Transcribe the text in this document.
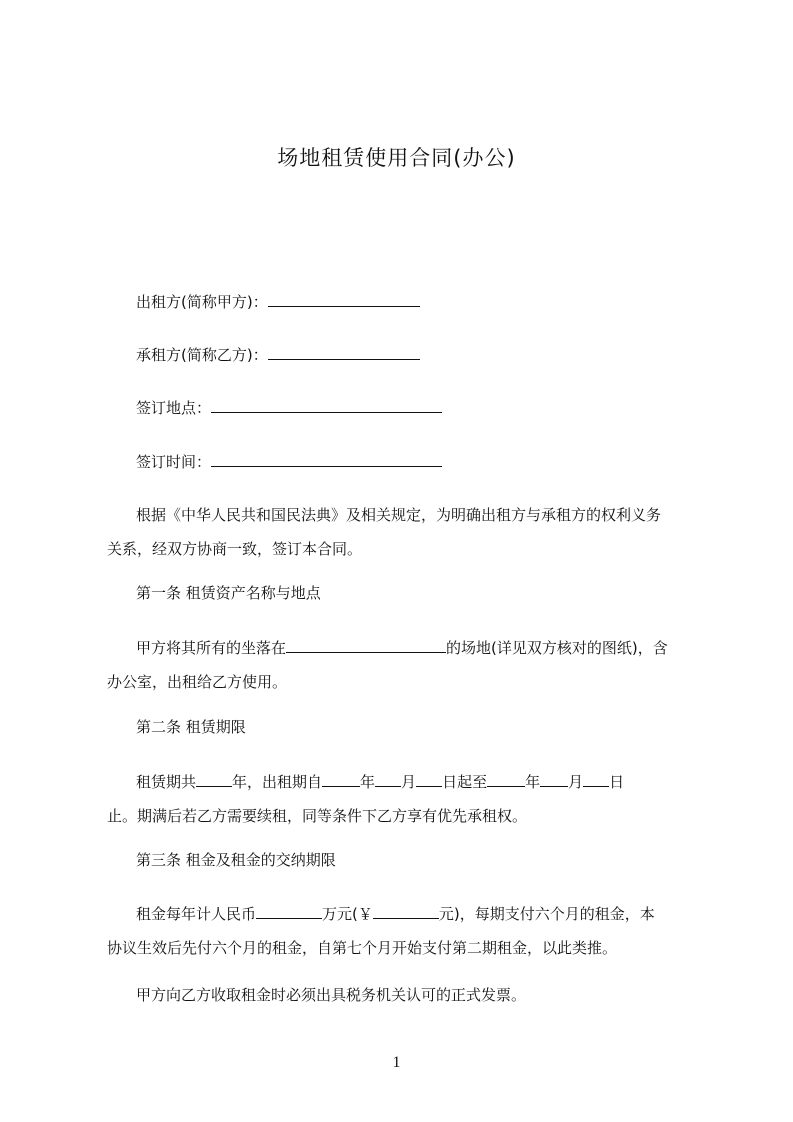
场地租赁使用合同(办公)
出租方(简称甲方)：
承租方(简称乙方)：
签订地点：
签订时间：
根据《中华人民共和国民法典》及相关规定，为明确出租方与承租方的权利义务
关系，经双方协商一致，签订本合同。
第一条 租赁资产名称与地点
甲方将其所有的坐落在	的场地(详见双方核对的图纸)，含
办公室，出租给乙方使用。
第二条 租赁期限
租赁期共 年，出租期自	年 月 日起至	年 月 日
止。期满后若乙方需要续租，同等条件下乙方享有优先承租权。
第三条 租金及租金的交纳期限
租金每年计人民币	万元(￥	元)，每期支付六个月的租金，本
协议生效后先付六个月的租金，自第七个月开始支付第二期租金，以此类推。
甲方向乙方收取租金时必须出具税务机关认可的正式发票。
1
